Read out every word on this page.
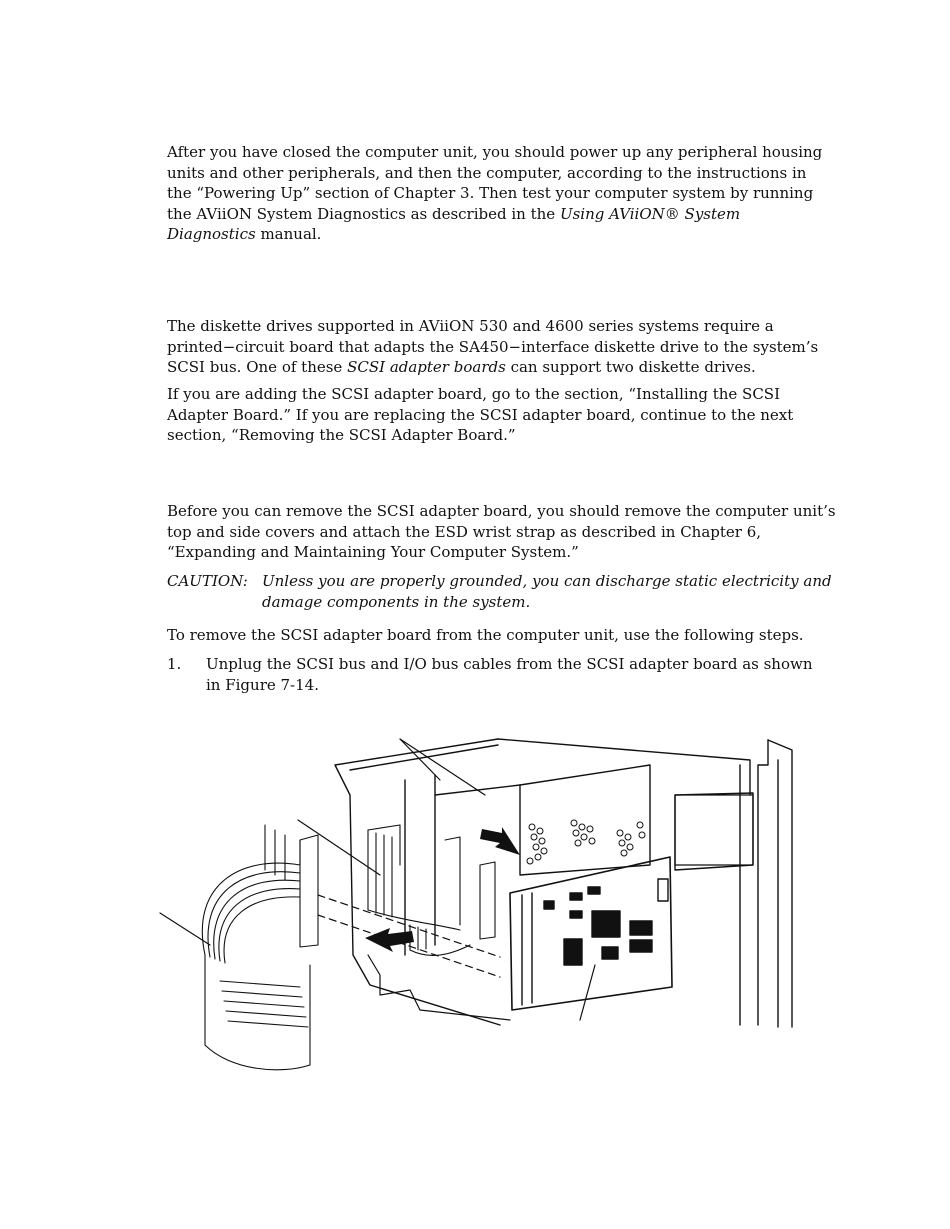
After you have closed the computer unit, you should power up any peripheral housing
units and other peripherals, and then the computer, according to the instructions in
the “Powering Up” section of Chapter 3. Then test your computer system by running
the AViiON System Diagnostics as described in the Using AViiON® System
Diagnostics manual.
The diskette drives supported in AViiON 530 and 4600 series systems require a
printed−circuit board that adapts the SA450−interface diskette drive to the system’s
SCSI bus. One of these SCSI adapter boards can support two diskette drives.
If you are adding the SCSI adapter board, go to the section, “Installing the SCSI
Adapter Board.” If you are replacing the SCSI adapter board, continue to the next
section, “Removing the SCSI Adapter Board.”
Before you can remove the SCSI adapter board, you should remove the computer unit’s
top and side covers and attach the ESD wrist strap as described in Chapter 6,
“Expanding and Maintaining Your Computer System.”
CAUTION: Unless you are properly grounded, you can discharge static electricity and
damage components in the system.
To remove the SCSI adapter board from the computer unit, use the following steps.
1. Unplug the SCSI bus and I/O bus cables from the SCSI adapter board as shown
in Figure 7-14.
